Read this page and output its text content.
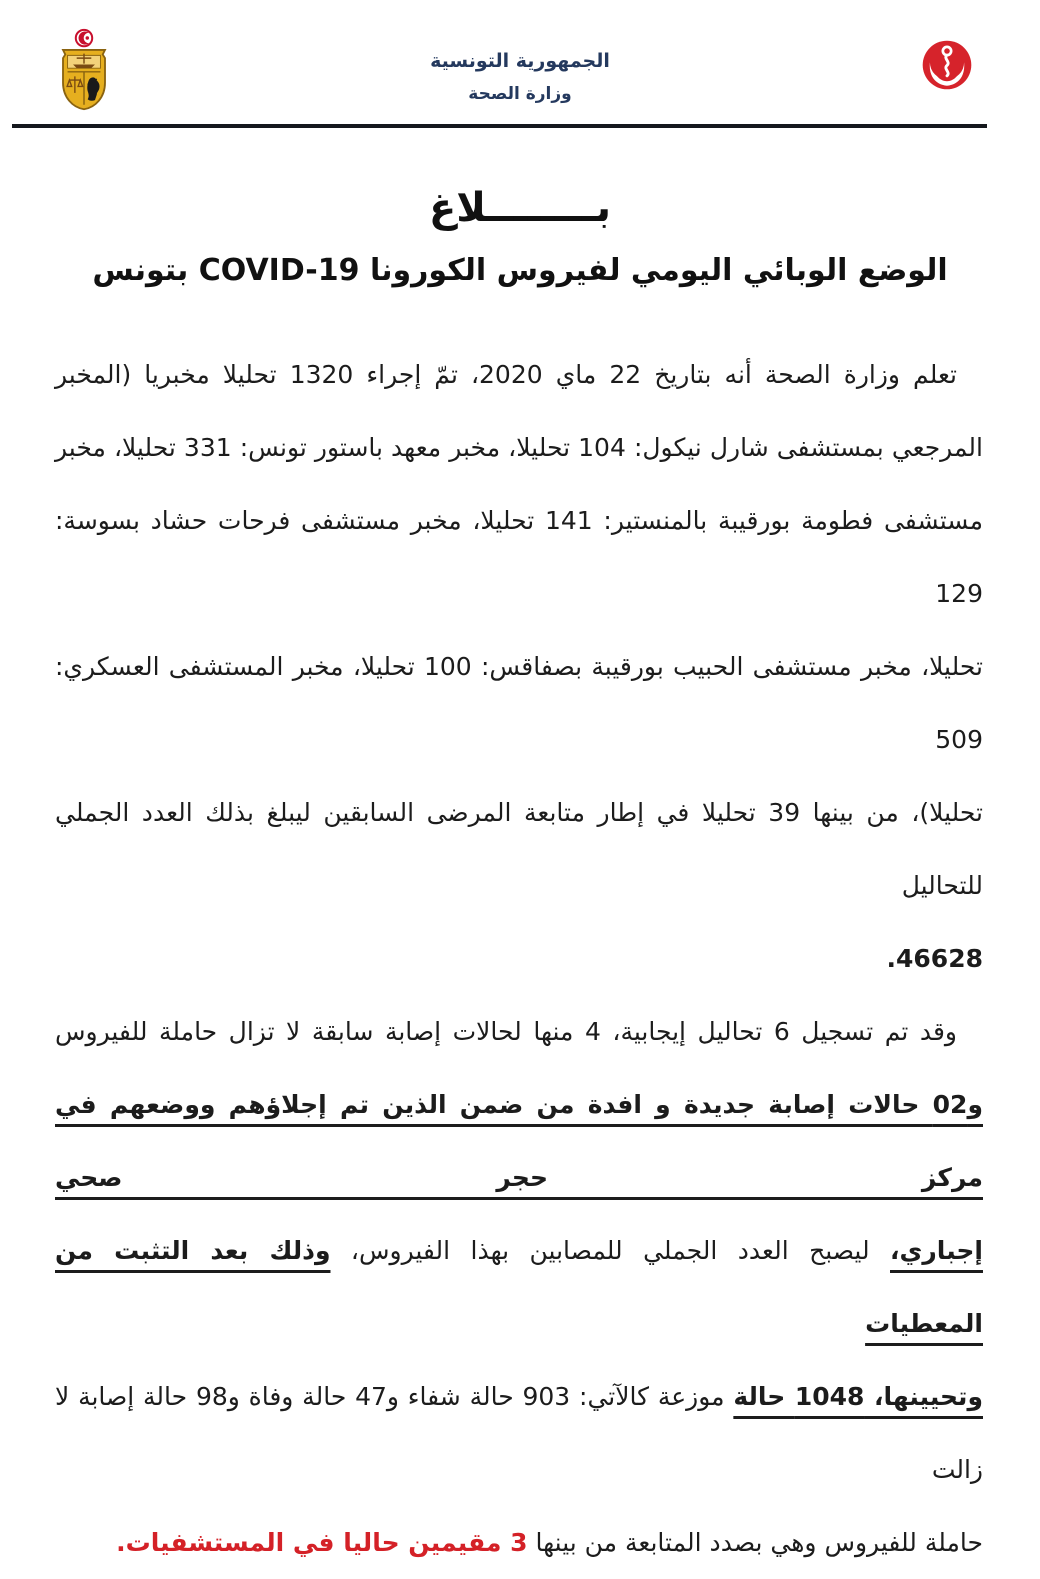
الجمهورية التونسية
وزارة الصحة
بــــــــلاغ
الوضع الوبائي اليومي لفيروس الكورونا COVID-19 بتونس
تعلم وزارة الصحة أنه بتاريخ 22 ماي 2020، تمّ إجراء 1320 تحليلا مخبريا (المخبر
المرجعي بمستشفى شارل نيكول: 104 تحليلا، مخبر معهد باستور تونس: 331 تحليلا، مخبر
مستشفى فطومة بورقيبة بالمنستير: 141 تحليلا، مخبر مستشفى فرحات حشاد بسوسة: 129
تحليلا، مخبر مستشفى الحبيب بورقيبة بصفاقس: 100 تحليلا، مخبر المستشفى العسكري: 509
تحليلا)، من بينها 39 تحليلا في إطار متابعة المرضى السابقين ليبلغ بذلك العدد الجملي للتحاليل
46628.
وقد تم تسجيل 6 تحاليل إيجابية، 4 منها لحالات إصابة سابقة لا تزال حاملة للفيروس
و02 حالات إصابة جديدة و افدة من ضمن الذين تم إجلاؤهم ووضعهم في مركز حجر صحي
إجباري، ليصبح العدد الجملي للمصابين بهذا الفيروس، وذلك بعد التثبت من المعطيات
وتحيينها، 1048 حالة موزعة كالآتي: 903 حالة شفاء و47 حالة وفاة و98 حالة إصابة لا زالت
حاملة للفيروس وهي بصدد المتابعة من بينها 3 مقيمين حاليا في المستشفيات.
